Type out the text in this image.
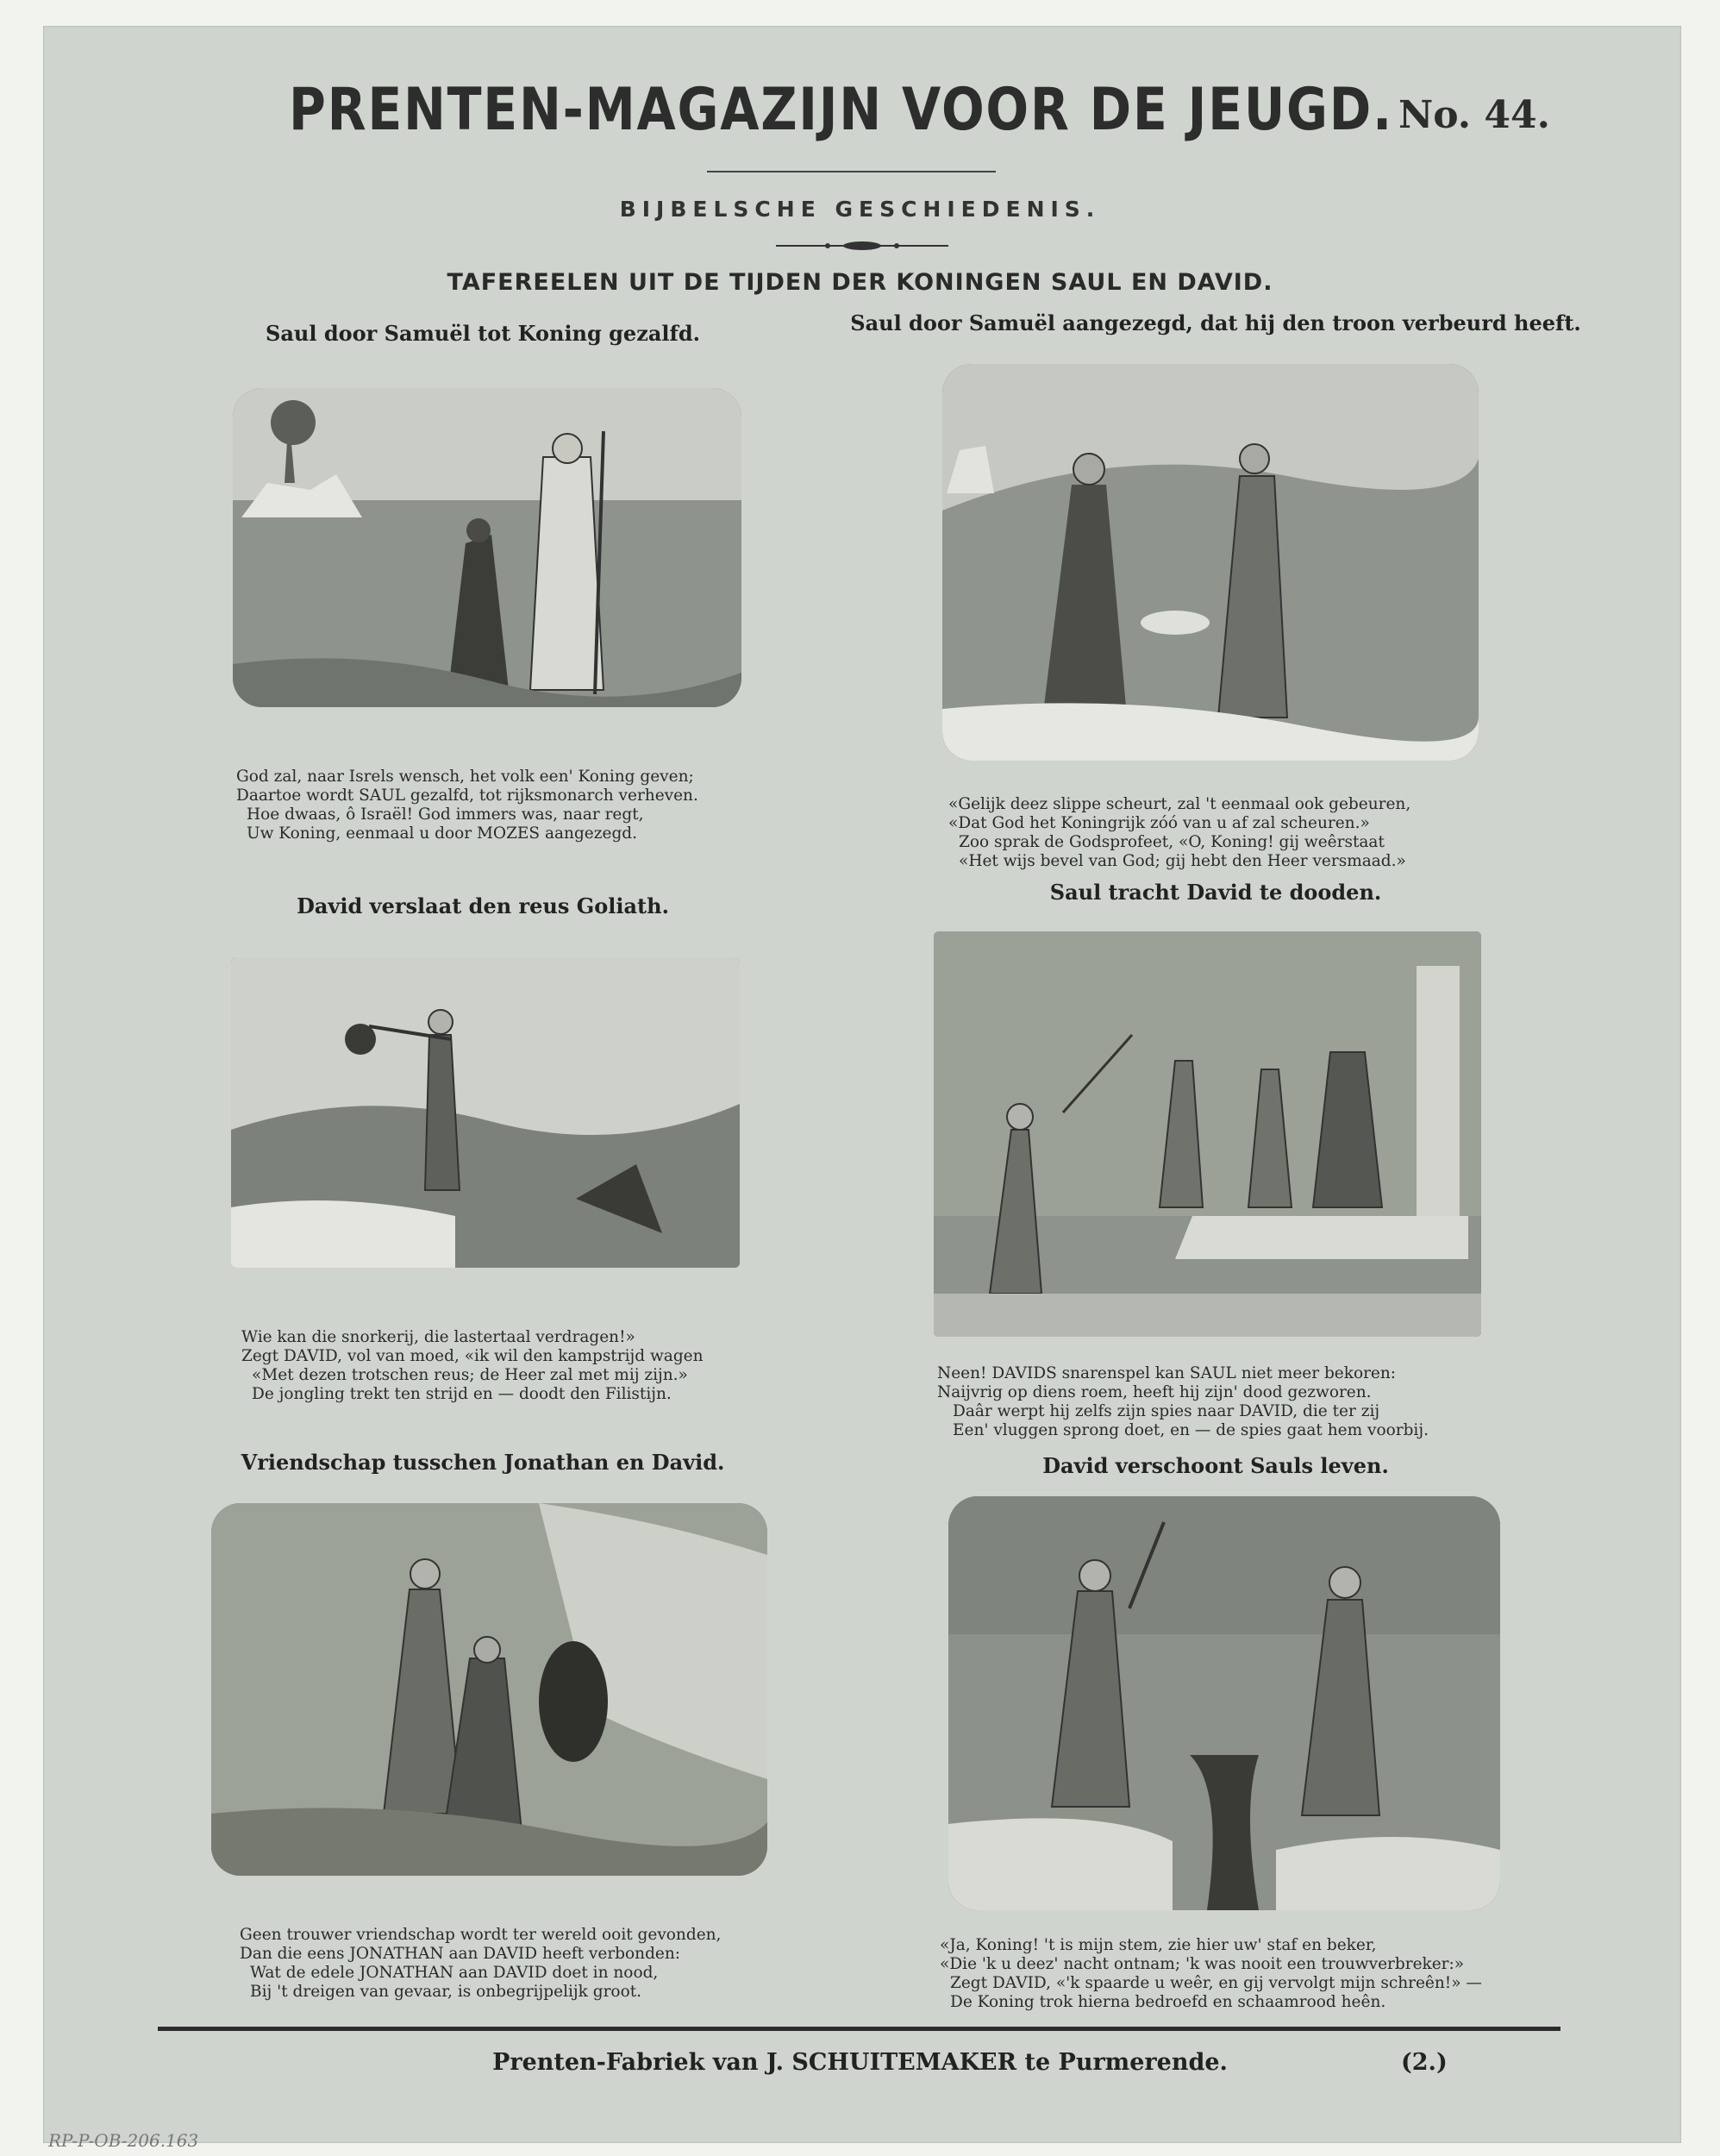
PRENTEN-MAGAZIJN VOOR DE JEUGD. No. 44.
BIJBELSCHE GESCHIEDENIS.
TAFEREELEN UIT DE TIJDEN DER KONINGEN SAUL EN DAVID.
Saul door Samuël tot Koning gezalfd.
God zal, naar Isrels wensch, het volk een' Koning geven;
Daartoe wordt SAUL gezalfd, tot rijksmonarch verheven.
Hoe dwaas, ô Israël! God immers was, naar regt,
Uw Koning, eenmaal u door MOZES aangezegd.
Saul door Samuël aangezegd, dat hij den troon verbeurd heeft.
«Gelijk deez slippe scheurt, zal 't eenmaal ook gebeuren,
«Dat God het Koningrijk zóó van u af zal scheuren.»
Zoo sprak de Godsprofeet, «O, Koning! gij weêrstaat
«Het wijs bevel van God; gij hebt den Heer versmaad.»
David verslaat den reus Goliath.
Wie kan die snorkerij, die lastertaal verdragen!»
Zegt DAVID, vol van moed, «ik wil den kampstrijd wagen
«Met dezen trotschen reus; de Heer zal met mij zijn.»
De jongling trekt ten strijd en — doodt den Filistijn.
Saul tracht David te dooden.
Neen! DAVIDS snarenspel kan SAUL niet meer bekoren:
Naijvrig op diens roem, heeft hij zijn' dood gezworen.
Daâr werpt hij zelfs zijn spies naar DAVID, die ter zij
Een' vluggen sprong doet, en — de spies gaat hem voorbij.
Vriendschap tusschen Jonathan en David.
Geen trouwer vriendschap wordt ter wereld ooit gevonden,
Dan die eens JONATHAN aan DAVID heeft verbonden:
Wat de edele JONATHAN aan DAVID doet in nood,
Bij 't dreigen van gevaar, is onbegrijpelijk groot.
David verschoont Sauls leven.
«Ja, Koning! 't is mijn stem, zie hier uw' staf en beker,
«Die 'k u deez' nacht ontnam; 'k was nooit een trouwverbreker:»
Zegt DAVID, «'k spaarde u weêr, en gij vervolgt mijn schreên!» —
De Koning trok hierna bedroefd en schaamrood heên.
Prenten-Fabriek van J. SCHUITEMAKER te Purmerende.	(2.)
RP-P-OB-206.163
